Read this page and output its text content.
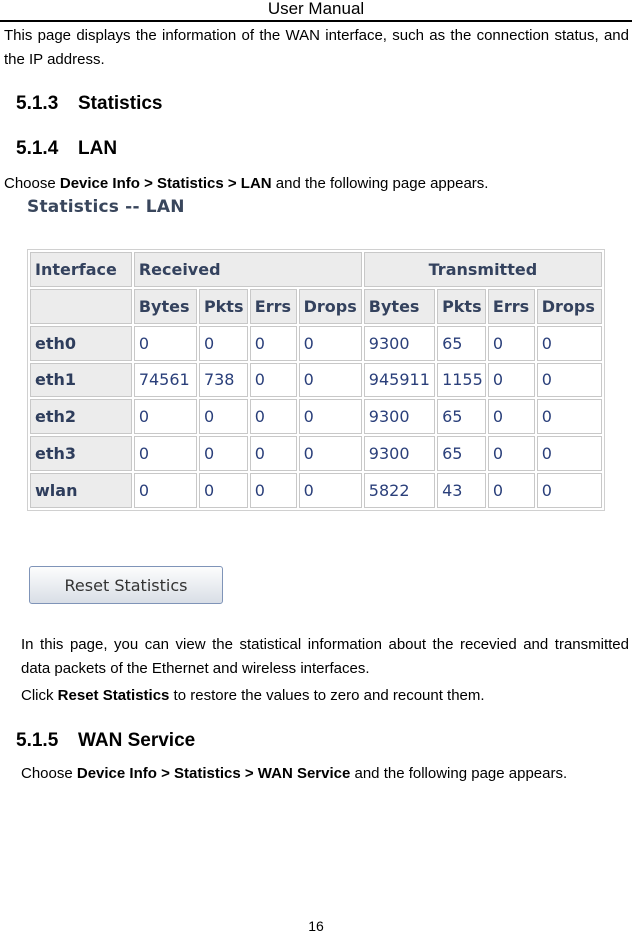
User Manual
This page displays the information of the WAN interface, such as the connection status, and the IP address.
5.1.3 Statistics
5.1.4 LAN
Choose Device Info > Statistics > LAN and the following page appears.
Statistics -- LAN
Interface	Received				Transmitted			
	Bytes	Pkts	Errs	Drops	Bytes	Pkts	Errs	Drops
eth0	0	0	0	0	9300	65	0	0
eth1	74561	738	0	0	945911	1155	0	0
eth2	0	0	0	0	9300	65	0	0
eth3	0	0	0	0	9300	65	0	0
wlan	0	0	0	0	5822	43	0	0
Reset Statistics
In this page, you can view the statistical information about the recevied and transmitted data packets of the Ethernet and wireless interfaces.
Click Reset Statistics to restore the values to zero and recount them.
5.1.5 WAN Service
Choose Device Info > Statistics > WAN Service and the following page appears.
16
